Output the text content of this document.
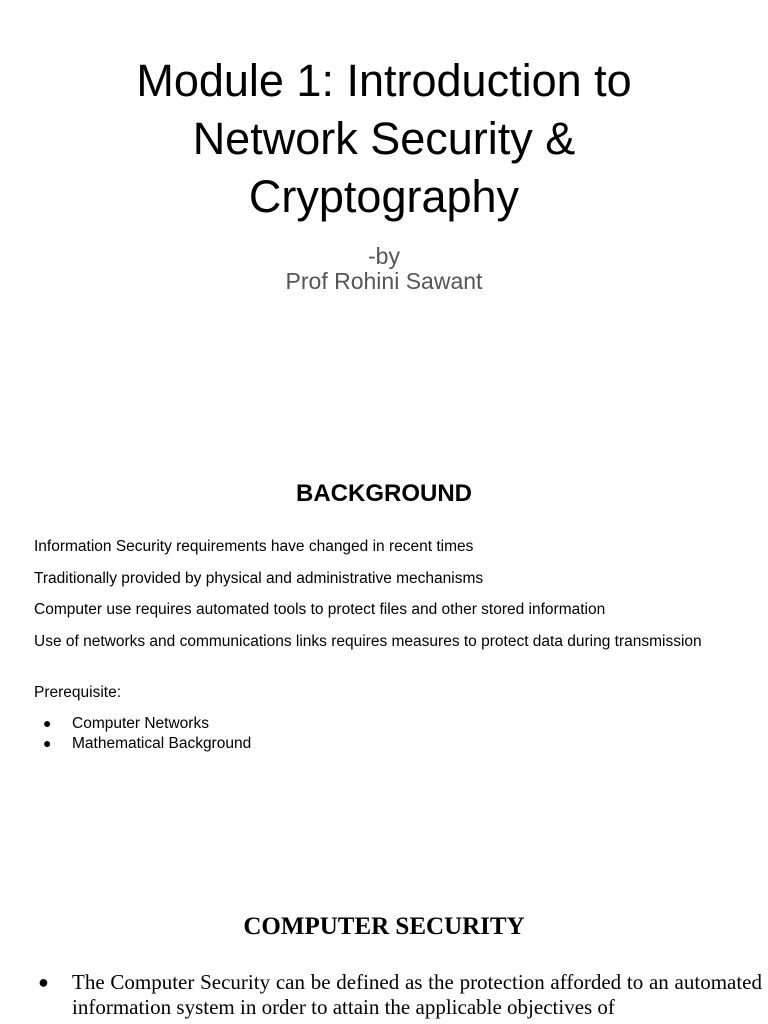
Module 1: Introduction to
Network Security &
Cryptography
-by
Prof Rohini Sawant
BACKGROUND

Information Security requirements have changed in recent times

Traditionally provided by physical and administrative mechanisms

Computer use requires automated tools to protect files and other stored information

Use of networks and communications links requires measures to protect data during transmission

Prerequisite:

● Computer Networks
● Mathematical Background
COMPUTER SECURITY
● The Computer Security can be defined as the protection afforded to an automated information system in order to attain the applicable objectives of
